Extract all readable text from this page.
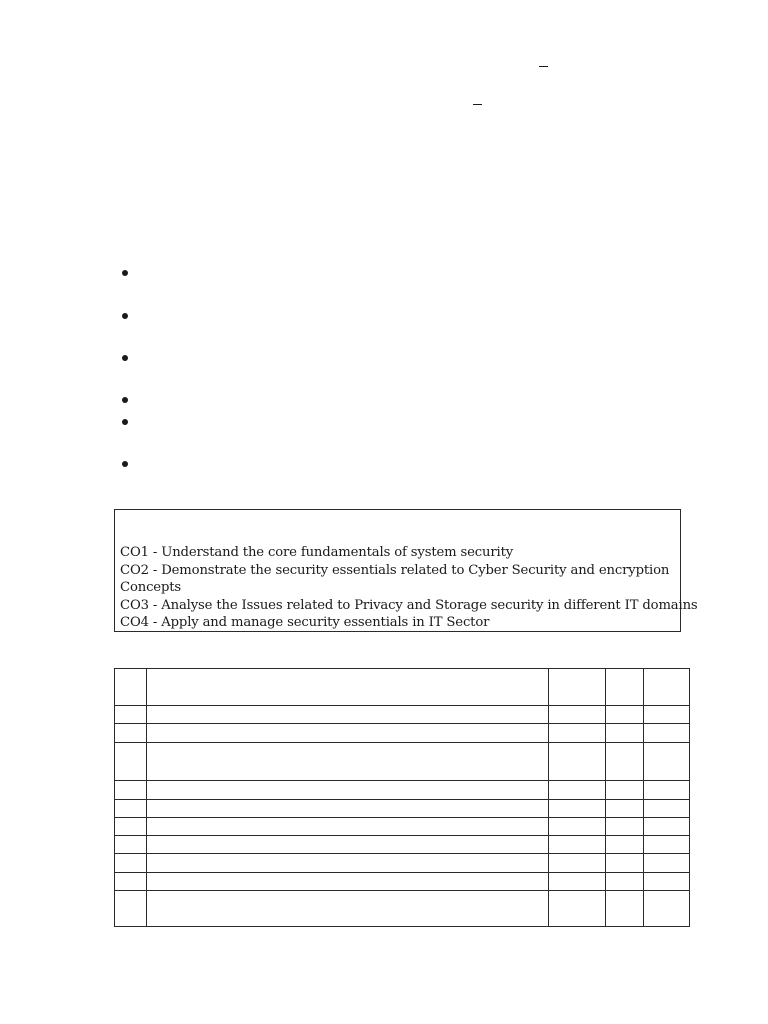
CO1 - Understand the core fundamentals of system security
CO2 - Demonstrate the security essentials related to Cyber Security and encryption
Concepts
CO3 - Analyse the Issues related to Privacy and Storage security in different IT domains
CO4 - Apply and manage security essentials in IT Sector
